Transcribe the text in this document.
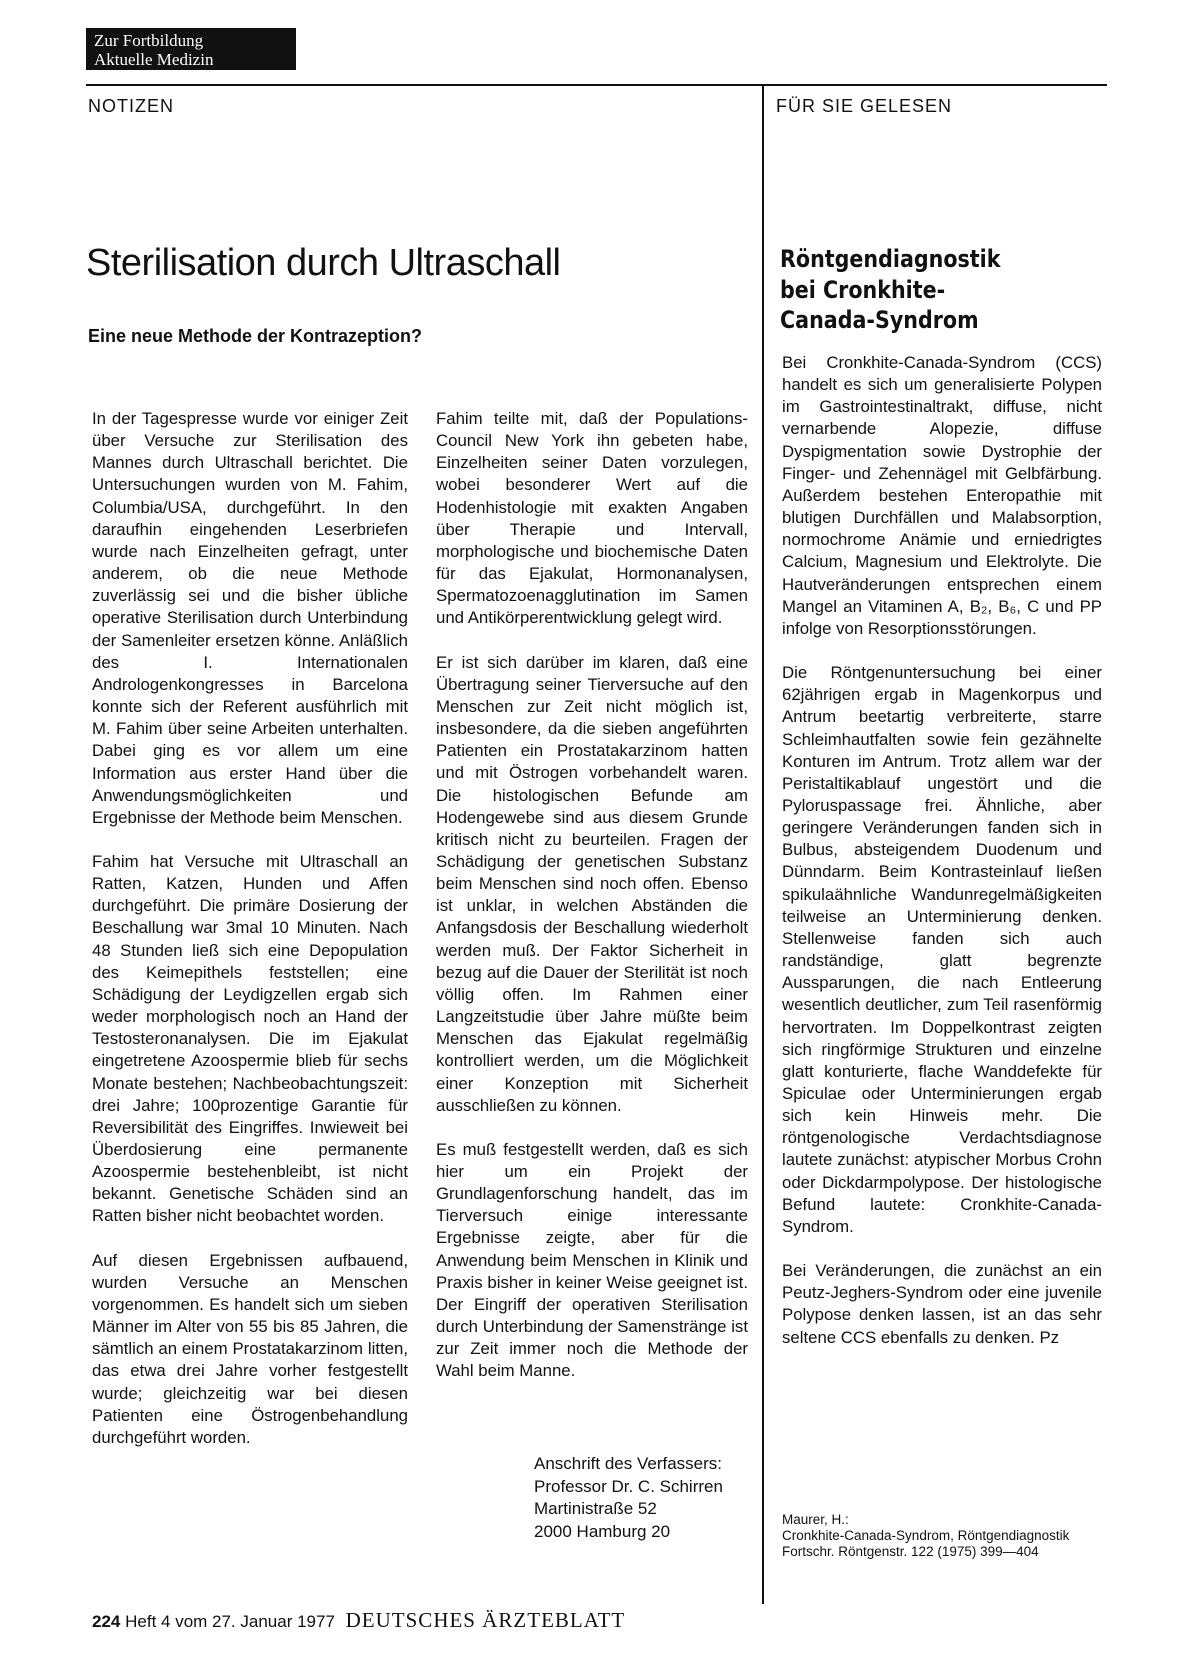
Zur Fortbildung
Aktuelle Medizin
NOTIZEN	FÜR SIE GELESEN
Sterilisation durch Ultraschall
Eine neue Methode der Kontrazeption?

In der Tagespresse wurde vor einiger Zeit über Versuche zur Sterilisation des Mannes durch Ultraschall berichtet. Die Untersuchungen wurden von M. Fahim, Columbia/USA, durchgeführt. In den daraufhin eingehenden Leserbriefen wurde nach Einzelheiten gefragt, unter anderem, ob die neue Methode zuverlässig sei und die bisher übliche operative Sterilisation durch Unterbindung der Samenleiter ersetzen könne. Anläßlich des I. Internationalen Andrologenkongresses in Barcelona konnte sich der Referent ausführlich mit M. Fahim über seine Arbeiten unterhalten. Dabei ging es vor allem um eine Information aus erster Hand über die Anwendungsmöglichkeiten und Ergebnisse der Methode beim Menschen.

Fahim hat Versuche mit Ultraschall an Ratten, Katzen, Hunden und Affen durchgeführt. Die primäre Dosierung der Beschallung war 3mal 10 Minuten. Nach 48 Stunden ließ sich eine Depopulation des Keimepithels feststellen; eine Schädigung der Leydigzellen ergab sich weder morphologisch noch an Hand der Testosteronanalysen. Die im Ejakulat eingetretene Azoospermie blieb für sechs Monate bestehen; Nachbeobachtungszeit: drei Jahre; 100prozentige Garantie für Reversibilität des Eingriffes. Inwieweit bei Überdosierung eine permanente Azoospermie bestehenbleibt, ist nicht bekannt. Genetische Schäden sind an Ratten bisher nicht beobachtet worden.

Auf diesen Ergebnissen aufbauend, wurden Versuche an Menschen vorgenommen. Es handelt sich um sieben Männer im Alter von 55 bis 85 Jahren, die sämtlich an einem Prostatakarzinom litten, das etwa drei Jahre vorher festgestellt wurde; gleichzeitig war bei diesen Patienten eine Östrogenbehandlung durchgeführt worden.

Fahim teilte mit, daß der Populations-Council New York ihn gebeten habe, Einzelheiten seiner Daten vorzulegen, wobei besonderer Wert auf die Hodenhistologie mit exakten Angaben über Therapie und Intervall, morphologische und biochemische Daten für das Ejakulat, Hormonanalysen, Spermatozoenagglutination im Samen und Antikörperentwicklung gelegt wird.

Er ist sich darüber im klaren, daß eine Übertragung seiner Tierversuche auf den Menschen zur Zeit nicht möglich ist, insbesondere, da die sieben angeführten Patienten ein Prostatakarzinom hatten und mit Östrogen vorbehandelt waren. Die histologischen Befunde am Hodengewebe sind aus diesem Grunde kritisch nicht zu beurteilen. Fragen der Schädigung der genetischen Substanz beim Menschen sind noch offen. Ebenso ist unklar, in welchen Abständen die Anfangsdosis der Beschallung wiederholt werden muß. Der Faktor Sicherheit in bezug auf die Dauer der Sterilität ist noch völlig offen. Im Rahmen einer Langzeitstudie über Jahre müßte beim Menschen das Ejakulat regelmäßig kontrolliert werden, um die Möglichkeit einer Konzeption mit Sicherheit ausschließen zu können.

Es muß festgestellt werden, daß es sich hier um ein Projekt der Grundlagenforschung handelt, das im Tierversuch einige interessante Ergebnisse zeigte, aber für die Anwendung beim Menschen in Klinik und Praxis bisher in keiner Weise geeignet ist. Der Eingriff der operativen Sterilisation durch Unterbindung der Samenstränge ist zur Zeit immer noch die Methode der Wahl beim Manne.

Anschrift des Verfassers:
Professor Dr. C. Schirren
Martinistraße 52
2000 Hamburg 20
Röntgendiagnostik
bei Cronkhite-
Canada-Syndrom

Bei Cronkhite-Canada-Syndrom (CCS) handelt es sich um generalisierte Polypen im Gastrointestinaltrakt, diffuse, nicht vernarbende Alopezie, diffuse Dyspigmentation sowie Dystrophie der Finger- und Zehennägel mit Gelbfärbung. Außerdem bestehen Enteropathie mit blutigen Durchfällen und Malabsorption, normochrome Anämie und erniedrigtes Calcium, Magnesium und Elektrolyte. Die Hautveränderungen entsprechen einem Mangel an Vitaminen A, B₂, B₆, C und PP infolge von Resorptionsstörungen.

Die Röntgenuntersuchung bei einer 62jährigen ergab in Magenkorpus und Antrum beetartig verbreiterte, starre Schleimhautfalten sowie fein gezähnelte Konturen im Antrum. Trotz allem war der Peristaltikablauf ungestört und die Pyloruspassage frei. Ähnliche, aber geringere Veränderungen fanden sich in Bulbus, absteigendem Duodenum und Dünndarm. Beim Kontrasteinlauf ließen spikulaähnliche Wandunregelmäßigkeiten teilweise an Unterminierung denken. Stellenweise fanden sich auch randständige, glatt begrenzte Aussparungen, die nach Entleerung wesentlich deutlicher, zum Teil rasenförmig hervortraten. Im Doppelkontrast zeigten sich ringförmige Strukturen und einzelne glatt konturierte, flache Wanddefekte für Spiculae oder Unterminierungen ergab sich kein Hinweis mehr. Die röntgenologische Verdachtsdiagnose lautete zunächst: atypischer Morbus Crohn oder Dickdarmpolypose. Der histologische Befund lautete: Cronkhite-Canada-Syndrom.

Bei Veränderungen, die zunächst an ein Peutz-Jeghers-Syndrom oder eine juvenile Polypose denken lassen, ist an das sehr seltene CCS ebenfalls zu denken. Pz

Maurer, H.:
Cronkhite-Canada-Syndrom, Röntgendiagnostik
Fortschr. Röntgenstr. 122 (1975) 399—404
224 Heft 4 vom 27. Januar 1977 DEUTSCHES ÄRZTEBLATT
